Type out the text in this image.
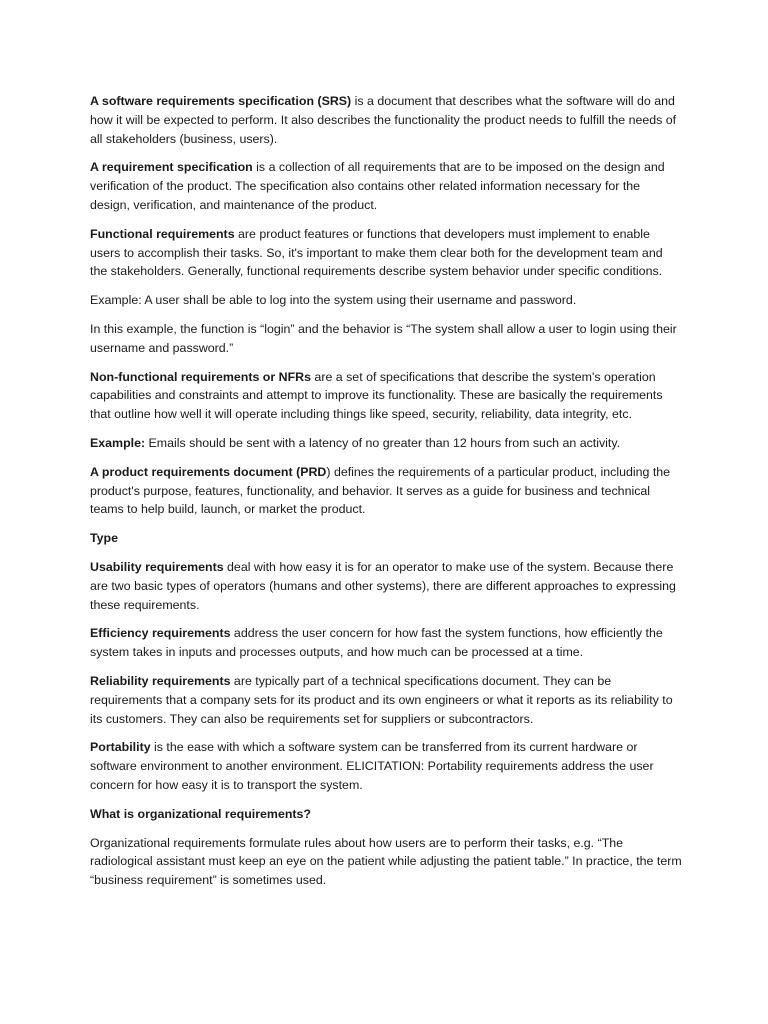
A software requirements specification (SRS) is a document that describes what the software will do and how it will be expected to perform. It also describes the functionality the product needs to fulfill the needs of all stakeholders (business, users).

A requirement specification is a collection of all requirements that are to be imposed on the design and verification of the product. The specification also contains other related information necessary for the design, verification, and maintenance of the product.

Functional requirements are product features or functions that developers must implement to enable users to accomplish their tasks. So, it's important to make them clear both for the development team and the stakeholders. Generally, functional requirements describe system behavior under specific conditions.

Example: A user shall be able to log into the system using their username and password.

In this example, the function is “login” and the behavior is “The system shall allow a user to login using their username and password.”

Non-functional requirements or NFRs are a set of specifications that describe the system's operation capabilities and constraints and attempt to improve its functionality. These are basically the requirements that outline how well it will operate including things like speed, security, reliability, data integrity, etc.

Example: Emails should be sent with a latency of no greater than 12 hours from such an activity.

A product requirements document (PRD) defines the requirements of a particular product, including the product's purpose, features, functionality, and behavior. It serves as a guide for business and technical teams to help build, launch, or market the product.

Type

Usability requirements deal with how easy it is for an operator to make use of the system. Because there are two basic types of operators (humans and other systems), there are different approaches to expressing these requirements.

Efficiency requirements address the user concern for how fast the system functions, how efficiently the system takes in inputs and processes outputs, and how much can be processed at a time.

Reliability requirements are typically part of a technical specifications document. They can be requirements that a company sets for its product and its own engineers or what it reports as its reliability to its customers. They can also be requirements set for suppliers or subcontractors.

Portability is the ease with which a software system can be transferred from its current hardware or software environment to another environment. ELICITATION: Portability requirements address the user concern for how easy it is to transport the system.

What is organizational requirements?

Organizational requirements formulate rules about how users are to perform their tasks, e.g. “The radiological assistant must keep an eye on the patient while adjusting the patient table.” In practice, the term “business requirement” is sometimes used.
